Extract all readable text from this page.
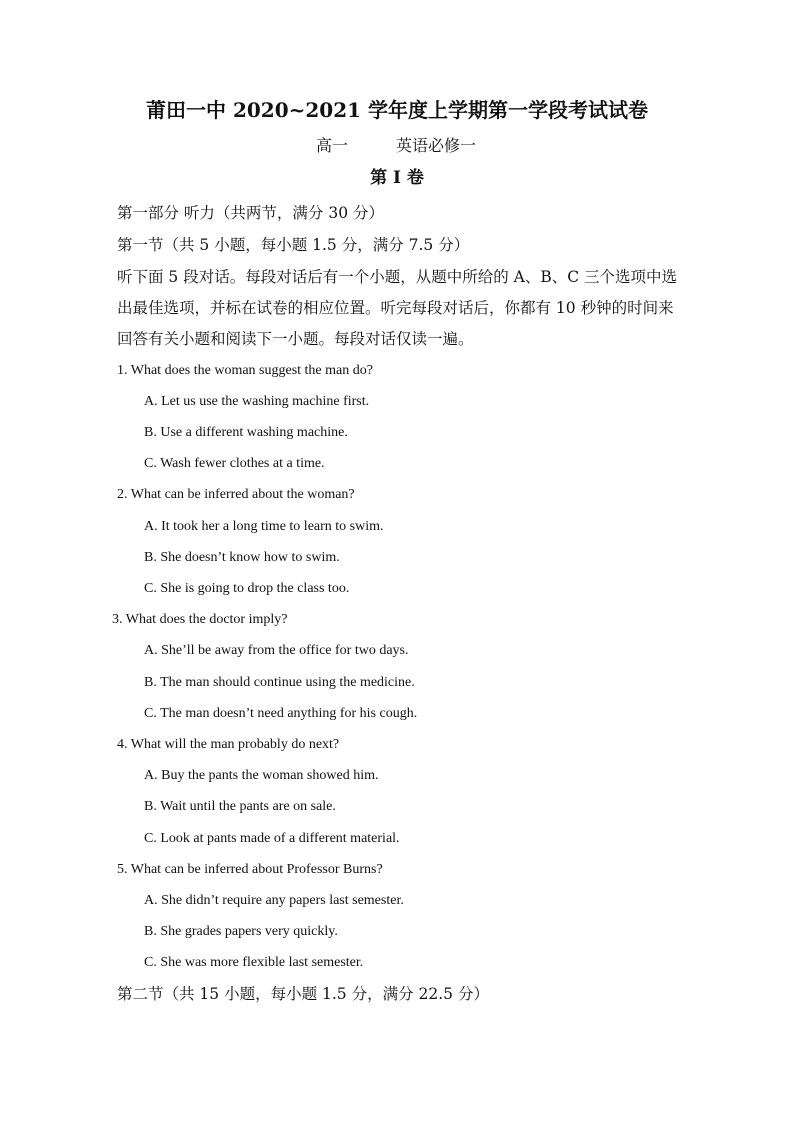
莆田一中 2020~2021 学年度上学期第一学段考试试卷
高一	英语必修一
第 I 卷
第一部分 听力（共两节，满分 30 分）
第一节（共 5 小题，每小题 1.5 分，满分 7.5 分）
听下面 5 段对话。每段对话后有一个小题，从题中所给的 A、B、C 三个选项中选
出最佳选项，并标在试卷的相应位置。听完每段对话后，你都有 10 秒钟的时间来
回答有关小题和阅读下一小题。每段对话仅读一遍。
1. What does the woman suggest the man do?
A. Let us use the washing machine first.
B. Use a different washing machine.
C. Wash fewer clothes at a time.
2. What can be inferred about the woman?
A. It took her a long time to learn to swim.
B. She doesn’t know how to swim.
C. She is going to drop the class too.
3. What does the doctor imply?
A. She’ll be away from the office for two days.
B. The man should continue using the medicine.
C. The man doesn’t need anything for his cough.
4. What will the man probably do next?
A. Buy the pants the woman showed him.
B. Wait until the pants are on sale.
C. Look at pants made of a different material.
5. What can be inferred about Professor Burns?
A. She didn’t require any papers last semester.
B. She grades papers very quickly.
C. She was more flexible last semester.
第二节（共 15 小题，每小题 1.5 分，满分 22.5 分）
